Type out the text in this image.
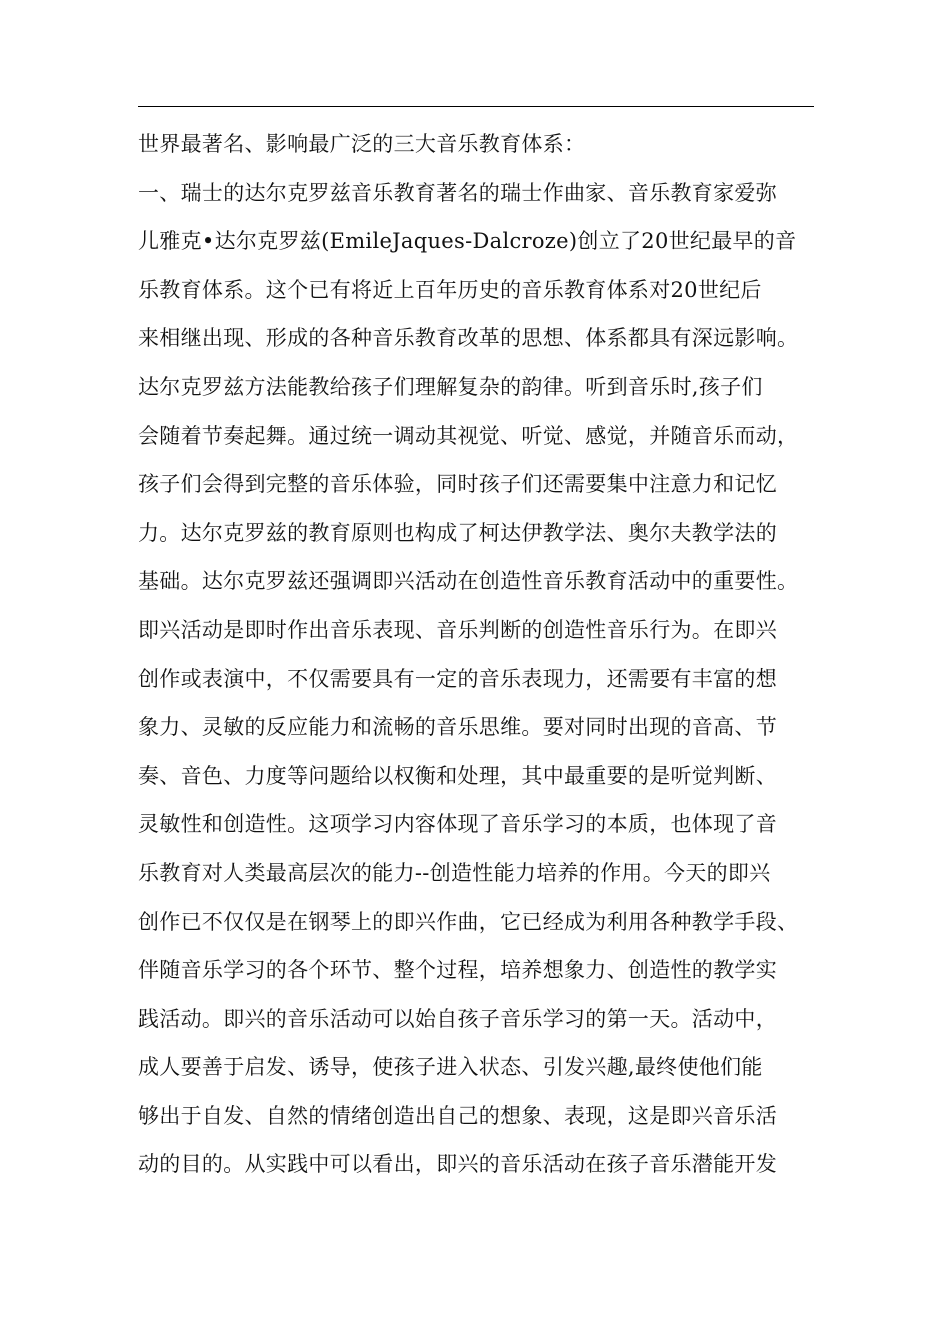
世界最著名、影响最广泛的三大音乐教育体系：
一、瑞士的达尔克罗兹音乐教育著名的瑞士作曲家、音乐教育家爱弥
儿雅克•达尔克罗兹(EmileJaques-Dalcroze)创立了20世纪最早的音
乐教育体系。这个已有将近上百年历史的音乐教育体系对20世纪后
来相继出现、形成的各种音乐教育改革的思想、体系都具有深远影响。
达尔克罗兹方法能教给孩子们理解复杂的韵律。听到音乐时,孩子们
会随着节奏起舞。通过统一调动其视觉、听觉、感觉，并随音乐而动，
孩子们会得到完整的音乐体验，同时孩子们还需要集中注意力和记忆
力。达尔克罗兹的教育原则也构成了柯达伊教学法、奥尔夫教学法的
基础。达尔克罗兹还强调即兴活动在创造性音乐教育活动中的重要性。
即兴活动是即时作出音乐表现、音乐判断的创造性音乐行为。在即兴
创作或表演中，不仅需要具有一定的音乐表现力，还需要有丰富的想
象力、灵敏的反应能力和流畅的音乐思维。要对同时出现的音高、节
奏、音色、力度等问题给以权衡和处理，其中最重要的是听觉判断、
灵敏性和创造性。这项学习内容体现了音乐学习的本质，也体现了音
乐教育对人类最高层次的能力--创造性能力培养的作用。今天的即兴
创作已不仅仅是在钢琴上的即兴作曲，它已经成为利用各种教学手段、
伴随音乐学习的各个环节、整个过程，培养想象力、创造性的教学实
践活动。即兴的音乐活动可以始自孩子音乐学习的第一天。活动中，
成人要善于启发、诱导，使孩子进入状态、引发兴趣,最终使他们能
够出于自发、自然的情绪创造出自己的想象、表现，这是即兴音乐活
动的目的。从实践中可以看出，即兴的音乐活动在孩子音乐潜能开发
